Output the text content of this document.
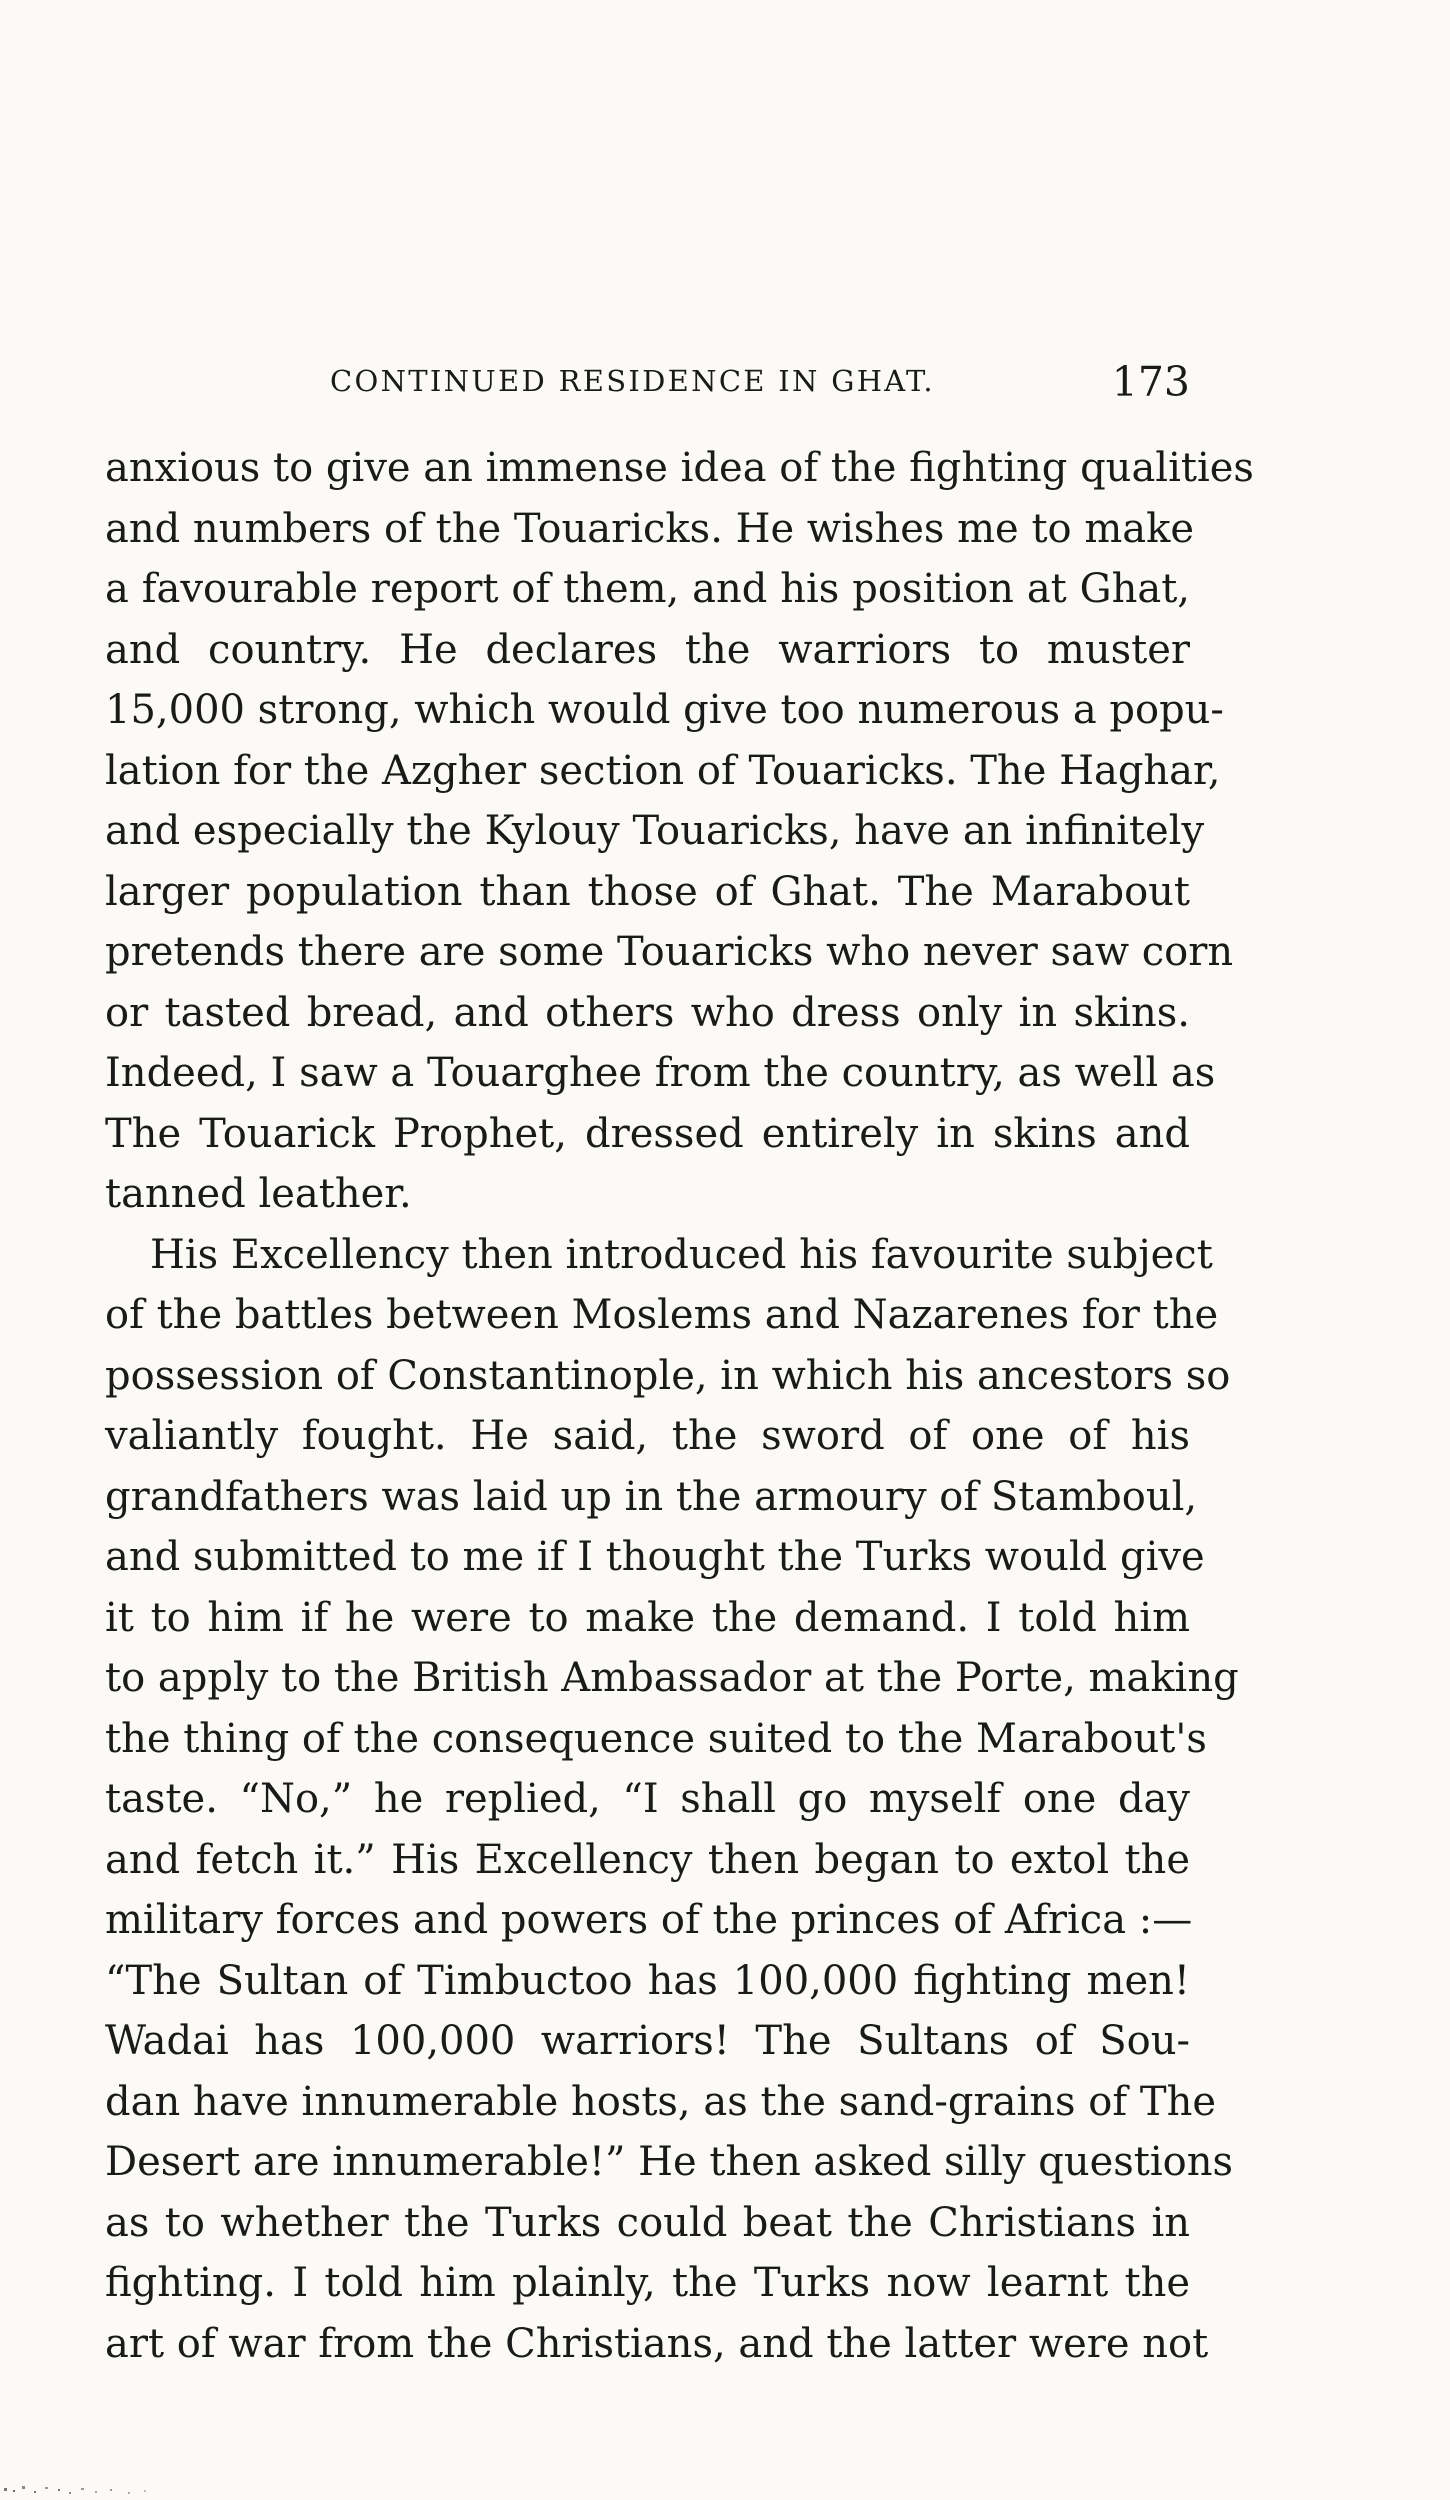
CONTINUED RESIDENCE IN GHAT.	173
anxious to give an immense idea of the fighting qualities
and numbers of the Touaricks. He wishes me to make
a favourable report of them, and his position at Ghat,
and country. He declares the warriors to muster
15,000 strong, which would give too numerous a popu-
lation for the Azgher section of Touaricks. The Haghar,
and especially the Kylouy Touaricks, have an infinitely
larger population than those of Ghat. The Marabout
pretends there are some Touaricks who never saw corn
or tasted bread, and others who dress only in skins.
Indeed, I saw a Touarghee from the country, as well as
The Touarick Prophet, dressed entirely in skins and
tanned leather.
His Excellency then introduced his favourite subject
of the battles between Moslems and Nazarenes for the
possession of Constantinople, in which his ancestors so
valiantly fought. He said, the sword of one of his
grandfathers was laid up in the armoury of Stamboul,
and submitted to me if I thought the Turks would give
it to him if he were to make the demand. I told him
to apply to the British Ambassador at the Porte, making
the thing of the consequence suited to the Marabout's
taste. “No,” he replied, “I shall go myself one day
and fetch it.” His Excellency then began to extol the
military forces and powers of the princes of Africa :—
“The Sultan of Timbuctoo has 100,000 fighting men!
Wadai has 100,000 warriors! The Sultans of Sou-
dan have innumerable hosts, as the sand-grains of The
Desert are innumerable!” He then asked silly questions
as to whether the Turks could beat the Christians in
fighting. I told him plainly, the Turks now learnt the
art of war from the Christians, and the latter were not
